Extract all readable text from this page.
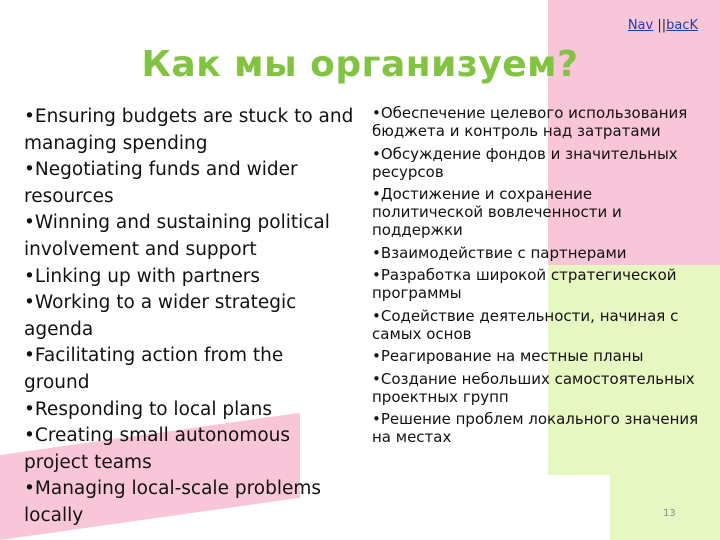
Nav ||bacK
Как мы организуем?
•Ensuring budgets are stuck to and managing spending
•Negotiating funds and wider resources
•Winning and sustaining political involvement and support
•Linking up with partners
•Working to a wider strategic agenda
•Facilitating action from the ground
•Responding to local plans
•Creating small autonomous project teams
•Managing local-scale problems locally
•Обеспечение целевого использования бюджета и контроль над затратами
•Обсуждение фондов и значительных ресурсов
•Достижение и сохранение политической вовлеченности и поддержки
•Взаимодействие с партнерами
•Разработка широкой стратегической программы
•Содействие деятельности, начиная с самых основ
•Реагирование на местные планы
•Создание небольших самостоятельных проектных групп
•Решение проблем локального значения на местах
13
